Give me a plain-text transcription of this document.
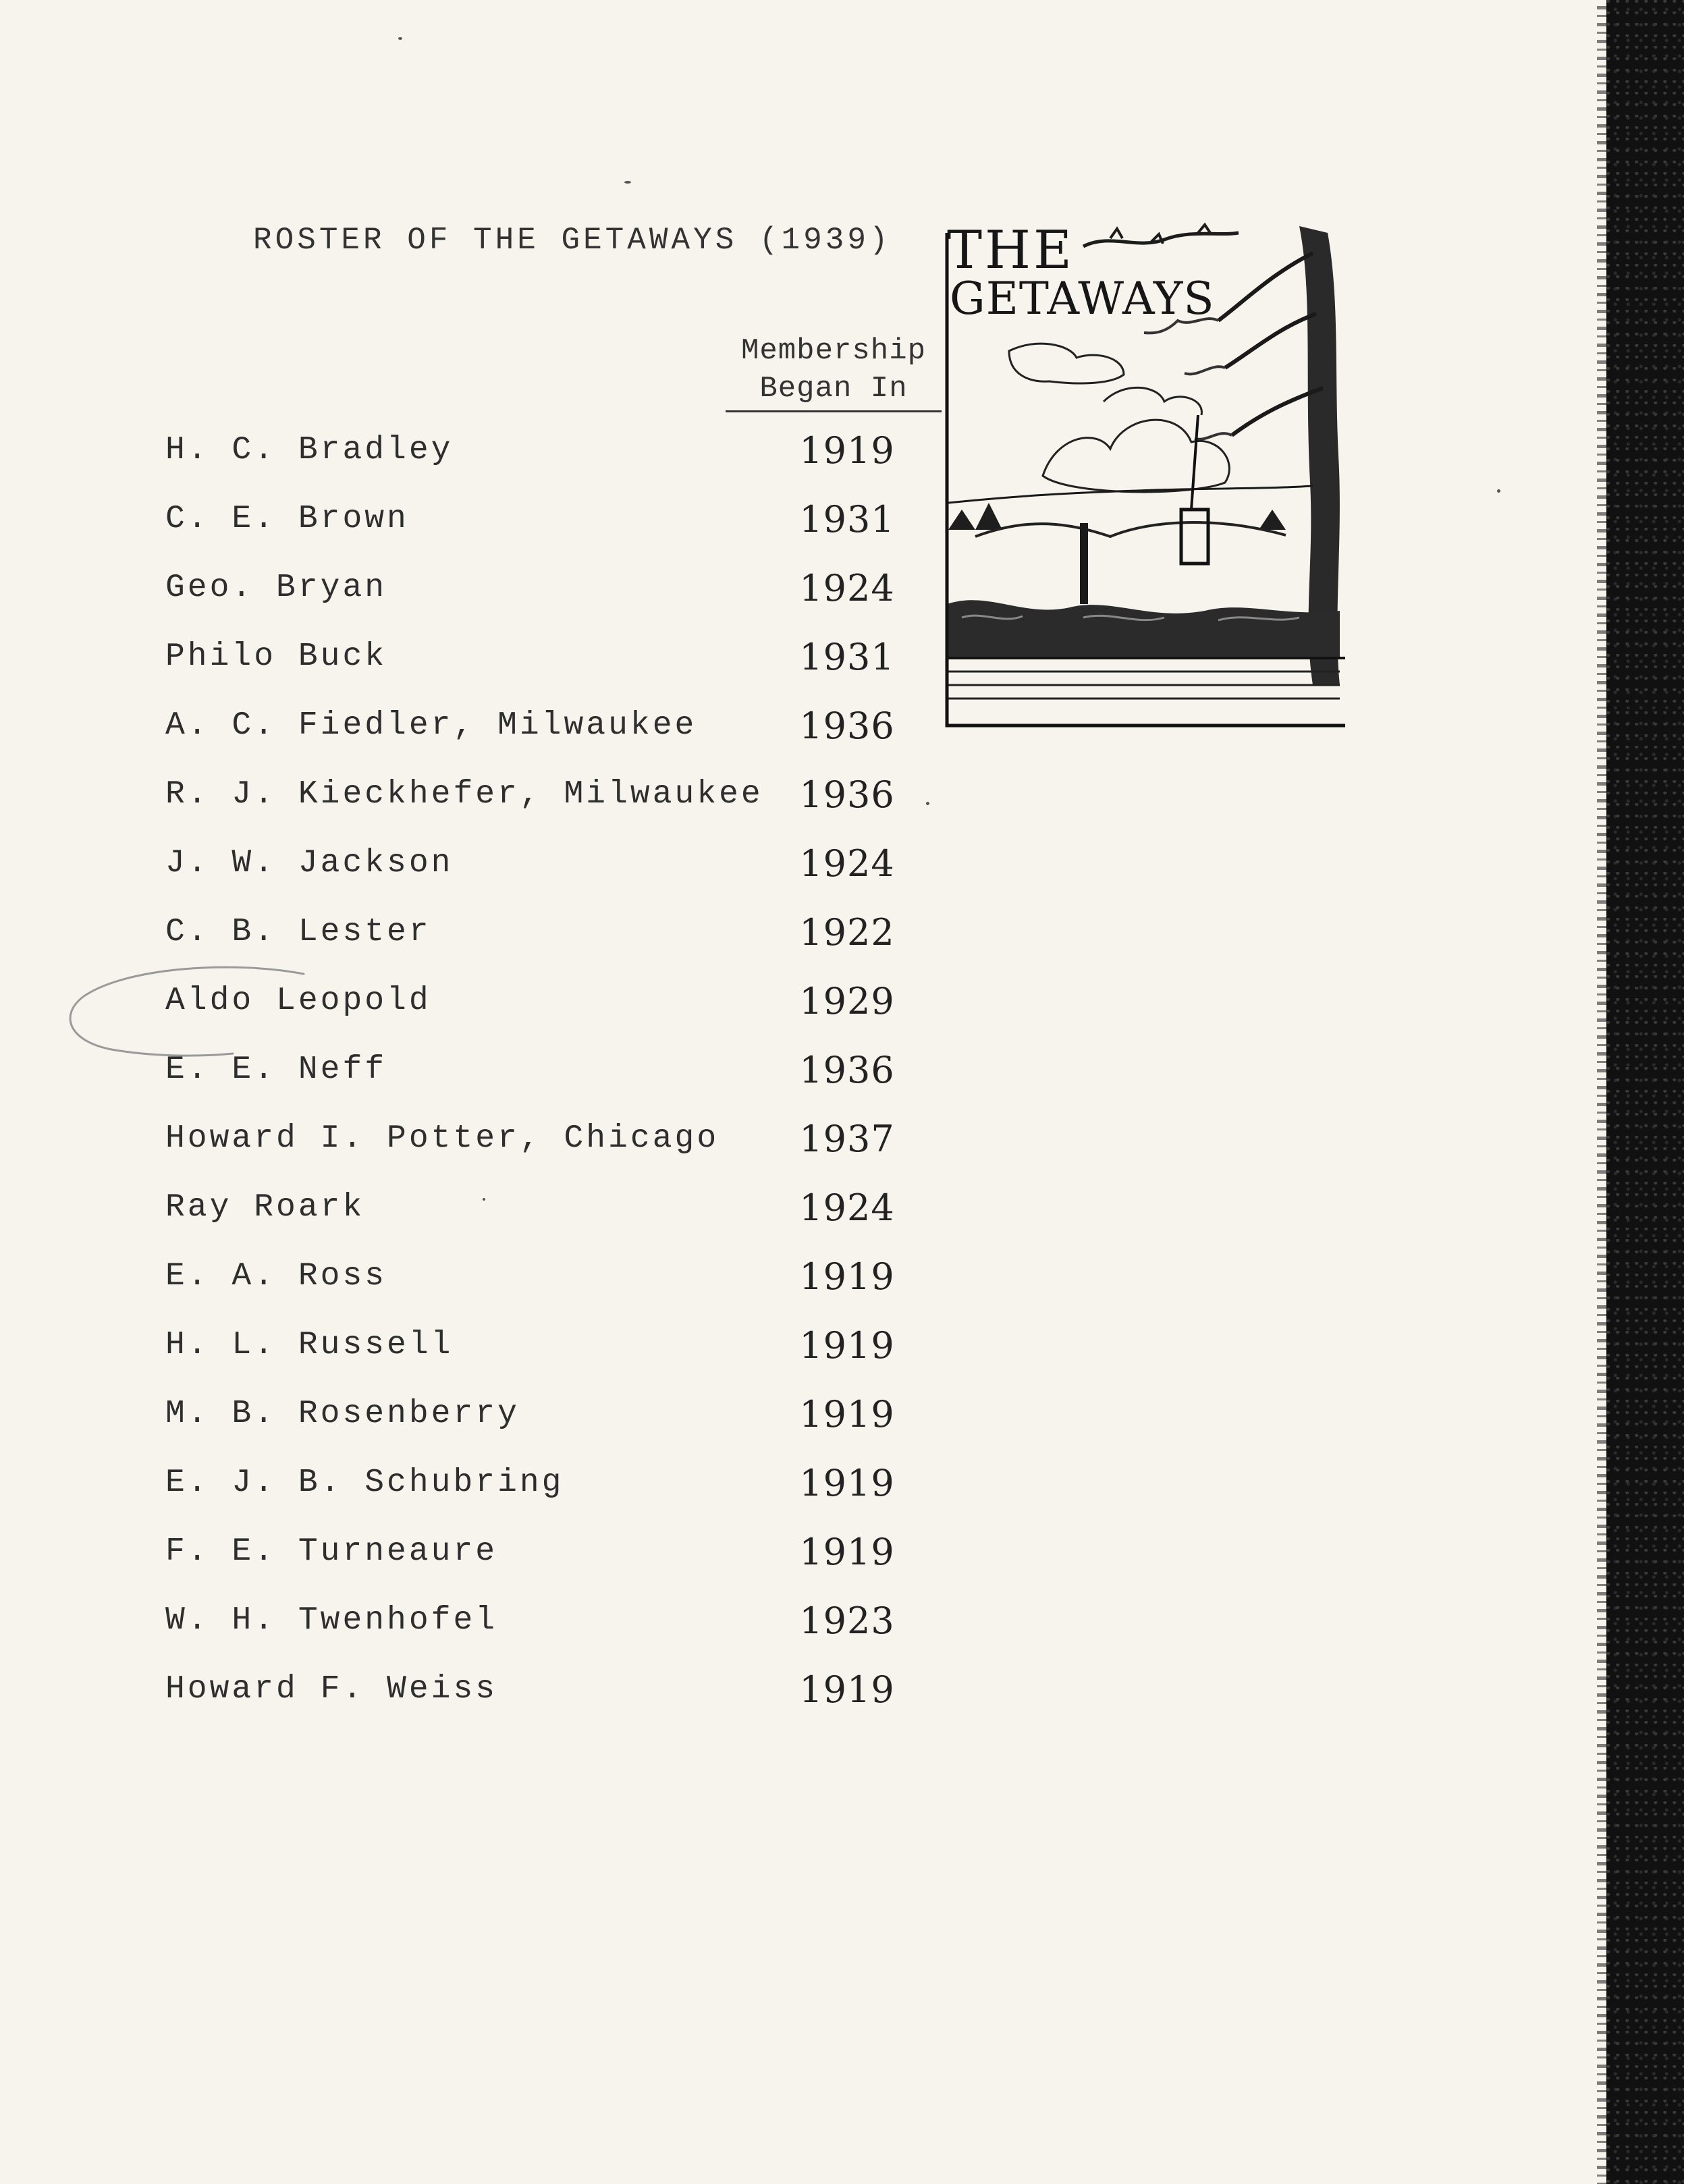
ROSTER OF THE GETAWAYS (1939)
Membership
Began In
H. C. Bradley	1919
C. E. Brown	1931
Geo. Bryan	1924
Philo Buck	1931
A. C. Fiedler, Milwaukee	1936
R. J. Kieckhefer, Milwaukee 1936
J. W. Jackson	1924
C. B. Lester	1922
Aldo Leopold	1929
E. E. Neff	1936
Howard I. Potter, Chicago	1937
Ray Roark	1924
E. A. Ross	1919
H. L. Russell	1919
M. B. Rosenberry	1919
E. J. B. Schubring	1919
F. E. Turneaure	1919
W. H. Twenhofel	1923
Howard F. Weiss	1919
THE
GETAWAYS
